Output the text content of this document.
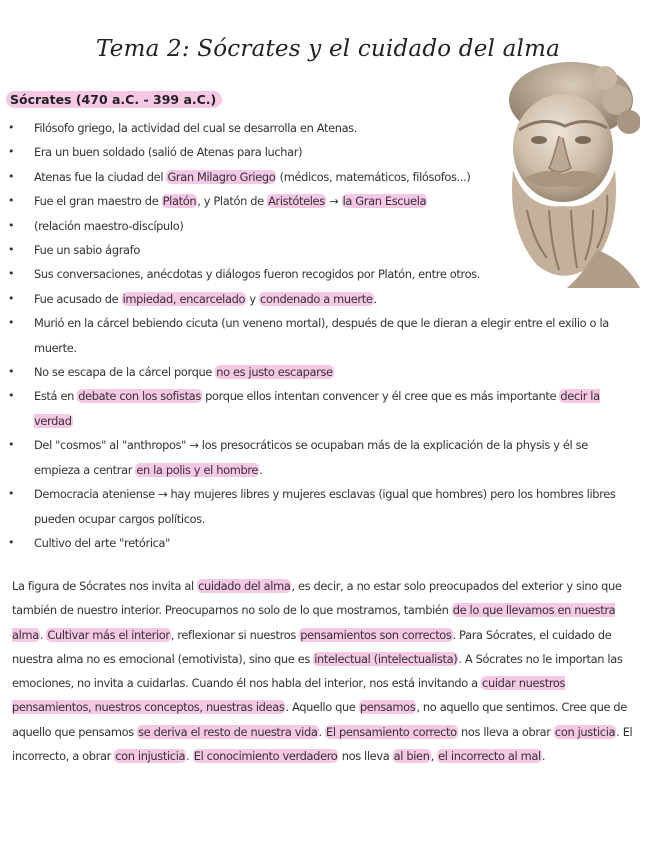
Tema 2: Sócrates y el cuidado del alma
Sócrates (470 a.C. - 399 a.C.)
• Filósofo griego, la actividad del cual se desarrolla en Atenas.
• Era un buen soldado (salió de Atenas para luchar)
• Atenas fue la ciudad del Gran Milagro Griego (médicos, matemáticos, filósofos...)
• Fue el gran maestro de Platón, y Platón de Aristóteles → la Gran Escuela
• (relación maestro-discípulo)
• Fue un sabio ágrafo
• Sus conversaciones, anécdotas y diálogos fueron recogidos por Platón, entre otros.
• Fue acusado de impiedad, encarcelado y condenado a muerte.
• Murió en la cárcel bebiendo cicuta (un veneno mortal), después de que le dieran a elegir entre el exilio o la muerte.
• No se escapa de la cárcel porque no es justo escaparse
• Está en debate con los sofistas porque ellos intentan convencer y él cree que es más importante decir la verdad
• Del "cosmos" al "anthropos" → los presocráticos se ocupaban más de la explicación de la physis y él se empieza a centrar en la polis y el hombre.
• Democracia ateniense → hay mujeres libres y mujeres esclavas (igual que hombres) pero los hombres libres pueden ocupar cargos políticos.
• Cultivo del arte "retórica"

La figura de Sócrates nos invita al cuidado del alma, es decir, a no estar solo preocupados del exterior y sino que también de nuestro interior. Preocuparnos no solo de lo que mostramos, también de lo que llevamos en nuestra alma. Cultivar más el interior, reflexionar si nuestros pensamientos son correctos. Para Sócrates, el cuidado de nuestra alma no es emocional (emotivista), sino que es intelectual (intelectualista). A Sócrates no le importan las emociones, no invita a cuidarlas. Cuando él nos habla del interior, nos está invitando a cuidar nuestros pensamientos, nuestros conceptos, nuestras ideas. Aquello que pensamos, no aquello que sentimos. Cree que de aquello que pensamos se deriva el resto de nuestra vida. El pensamiento correcto nos lleva a obrar con justicia. El incorrecto, a obrar con injusticia. El conocimiento verdadero nos lleva al bien, el incorrecto al mal.
